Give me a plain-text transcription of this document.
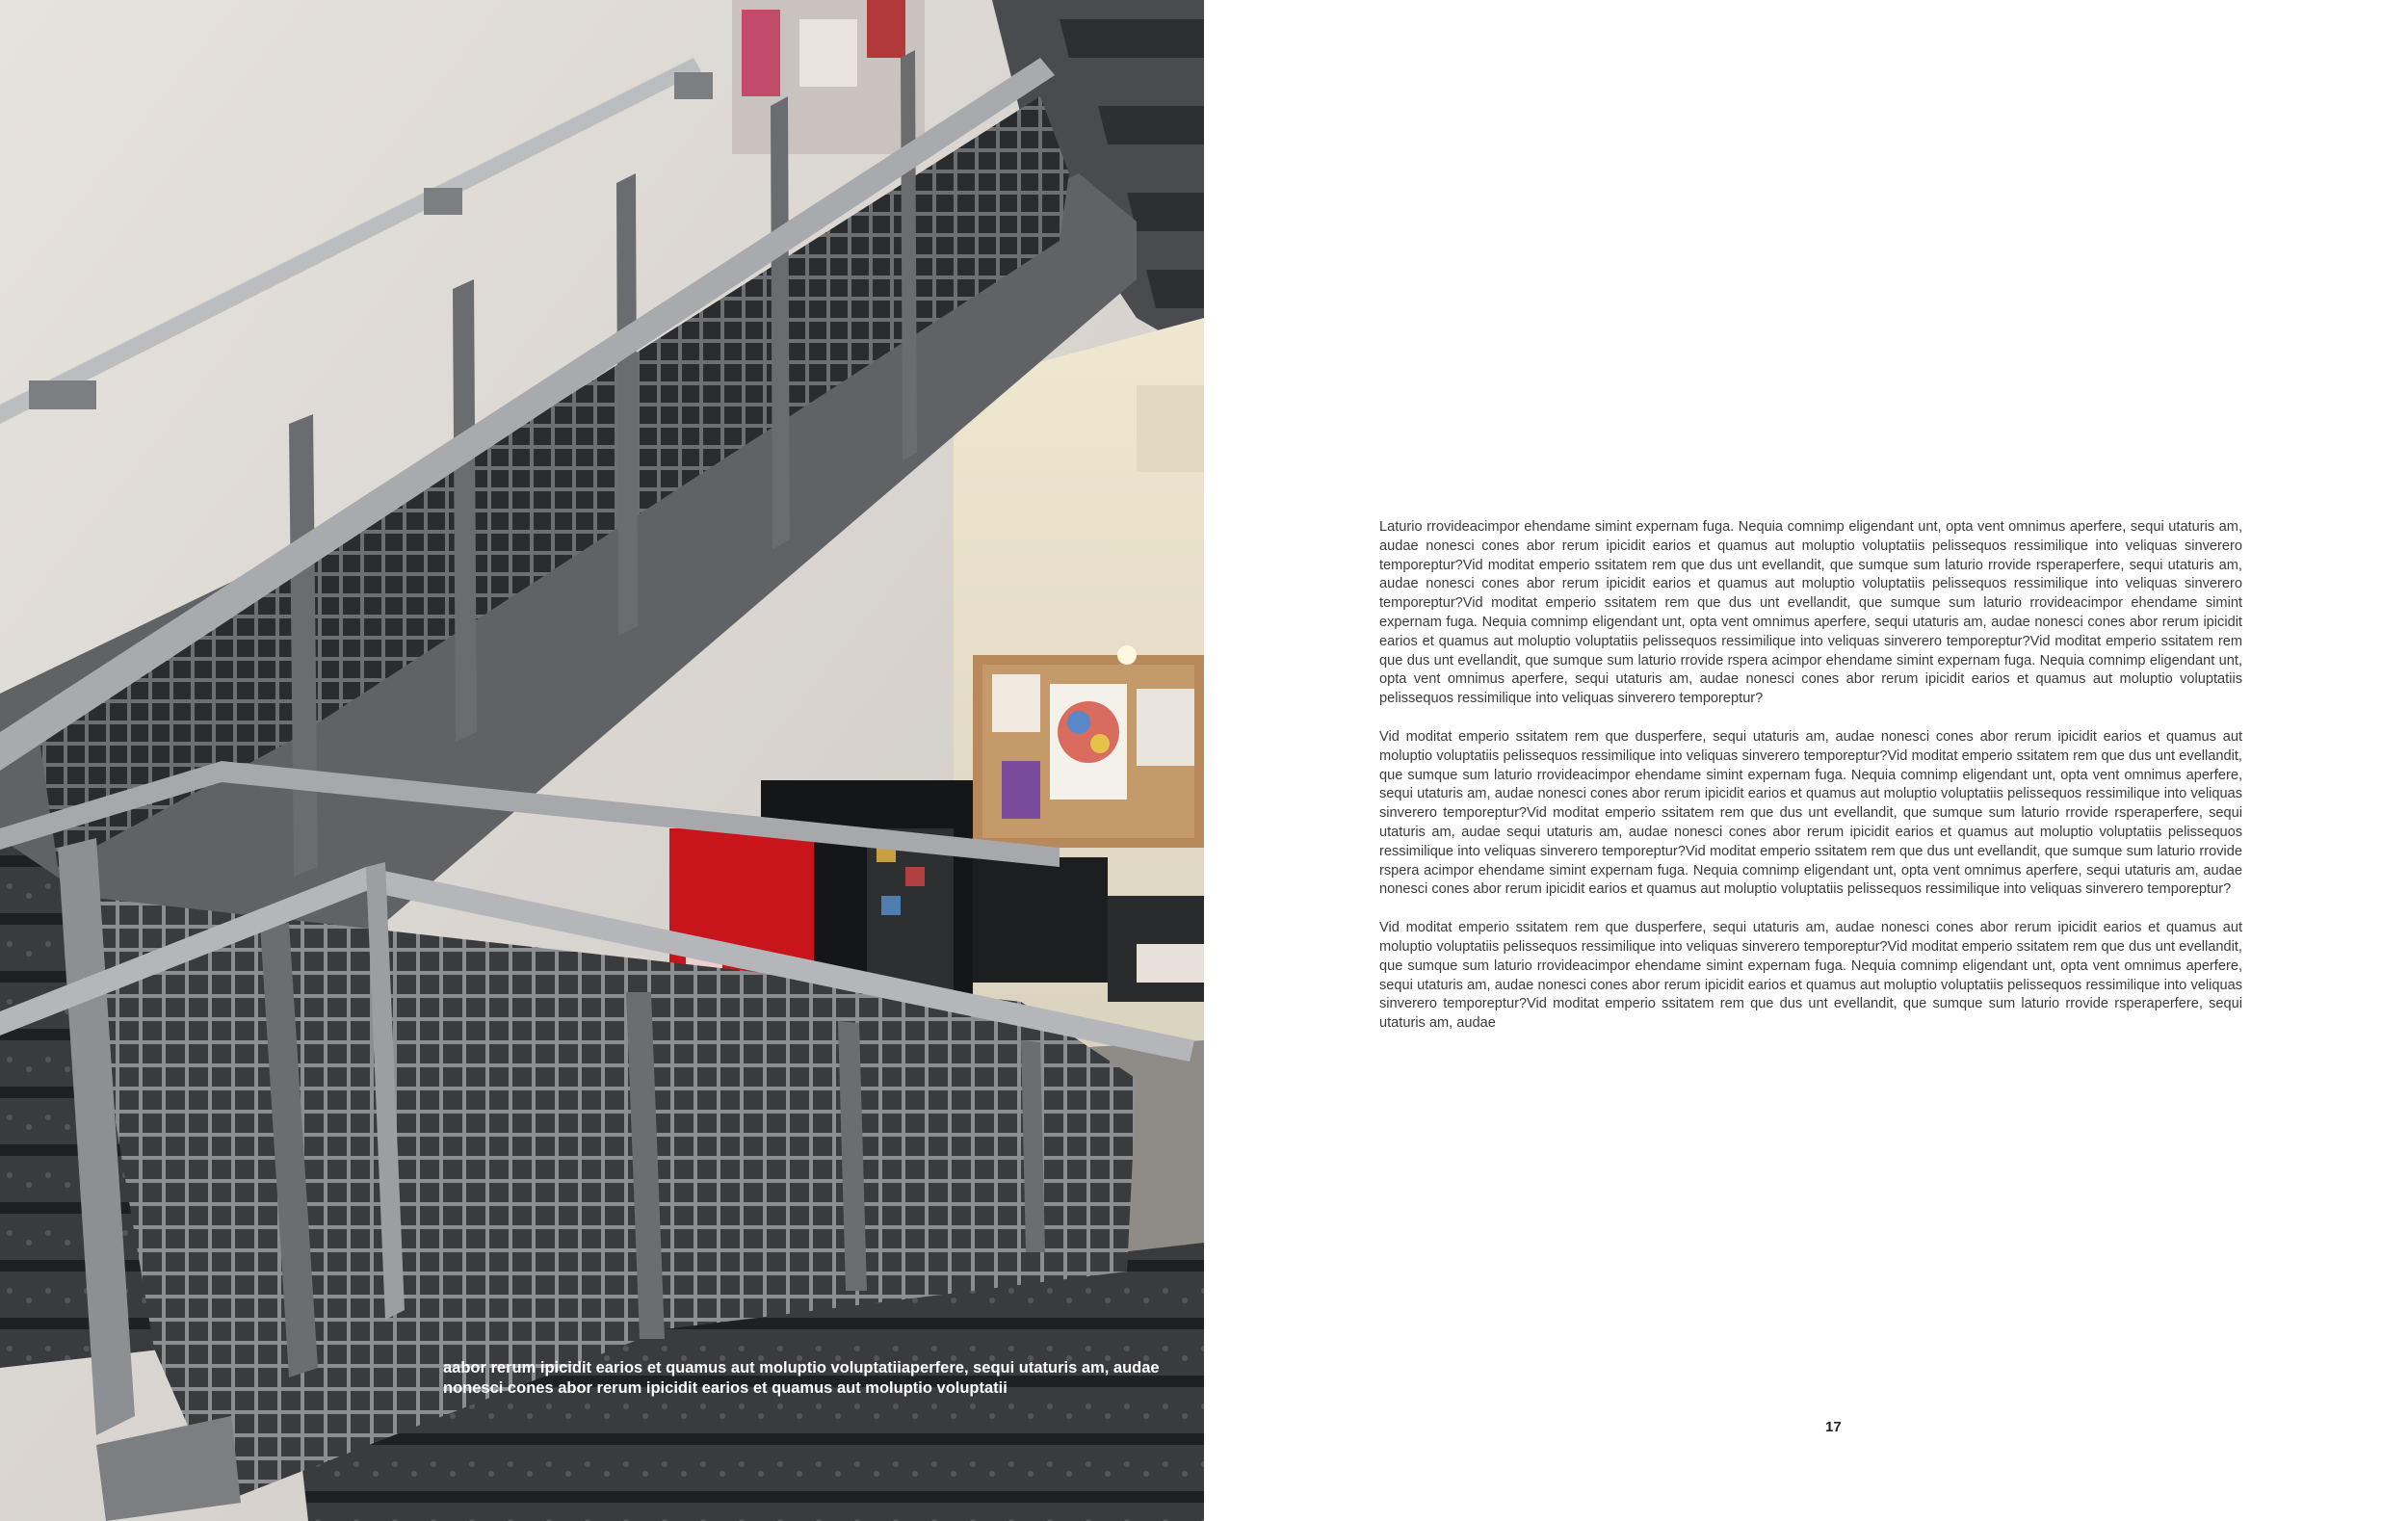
aabor rerum ipicidit earios et quamus aut moluptio voluptatiiaperfere, sequi utaturis am, audae
nonesci cones abor rerum ipicidit earios et quamus aut moluptio voluptatii

Laturio rrovideacimpor ehendame simint expernam fuga. Nequia comnimp eligendant unt, opta vent omnimus aperfere, sequi utaturis am, audae nonesci cones abor rerum ipicidit earios et quamus aut moluptio voluptatiis pelissequos ressimilique into veliquas sinverero temporeptur?Vid moditat emperio ssitatem rem que dus unt evellandit, que sumque sum laturio rrovide rsperaperfere, sequi utaturis am, audae nonesci cones abor rerum ipicidit earios et quamus aut moluptio voluptatiis pelissequos ressimilique into veliquas sinverero temporeptur?Vid moditat emperio ssitatem rem que dus unt evellandit, que sumque sum laturio rrovideacimpor ehendame simint expernam fuga. Nequia comnimp eligendant unt, opta vent omnimus aperfere, sequi utaturis am, audae nonesci cones abor rerum ipicidit earios et quamus aut moluptio voluptatiis pelissequos ressimilique into veliquas sinverero temporeptur?Vid moditat emperio ssitatem rem que dus unt evellandit, que sumque sum laturio rrovide rspera acimpor ehendame simint expernam fuga. Nequia comnimp eligendant unt, opta vent omnimus aperfere, sequi utaturis am, audae nonesci cones abor rerum ipicidit earios et quamus aut moluptio voluptatiis pelissequos ressimilique into veliquas sinverero temporeptur?

Vid moditat emperio ssitatem rem que dusperfere, sequi utaturis am, audae nonesci cones abor rerum ipicidit earios et quamus aut moluptio voluptatiis pelissequos ressimilique into veliquas sinverero temporeptur?Vid moditat emperio ssitatem rem que dus unt evellandit, que sumque sum laturio rrovideacimpor ehendame simint expernam fuga. Nequia comnimp eligendant unt, opta vent omnimus aperfere, sequi utaturis am, audae nonesci cones abor rerum ipicidit earios et quamus aut moluptio voluptatiis pelissequos ressimilique into veliquas sinverero temporeptur?Vid moditat emperio ssitatem rem que dus unt evellandit, que sumque sum laturio rrovide rsperaperfere, sequi utaturis am, audae sequi utaturis am, audae nonesci cones abor rerum ipicidit earios et quamus aut moluptio voluptatiis pelissequos ressimilique into veliquas sinverero temporeptur?Vid moditat emperio ssitatem rem que dus unt evellandit, que sumque sum laturio rrovide rspera acimpor ehendame simint expernam fuga. Nequia comnimp eligendant unt, opta vent omnimus aperfere, sequi utaturis am, audae nonesci cones abor rerum ipicidit earios et quamus aut moluptio voluptatiis pelissequos ressimilique into veliquas sinverero temporeptur?

Vid moditat emperio ssitatem rem que dusperfere, sequi utaturis am, audae nonesci cones abor rerum ipicidit earios et quamus aut moluptio voluptatiis pelissequos ressimilique into veliquas sinverero temporeptur?Vid moditat emperio ssitatem rem que dus unt evellandit, que sumque sum laturio rrovideacimpor ehendame simint expernam fuga. Nequia comnimp eligendant unt, opta vent omnimus aperfere, sequi utaturis am, audae nonesci cones abor rerum ipicidit earios et quamus aut moluptio voluptatiis pelissequos ressimilique into veliquas sinverero temporeptur?Vid moditat emperio ssitatem rem que dus unt evellandit, que sumque sum laturio rrovide rsperaperfere, sequi utaturis am, audae

17
